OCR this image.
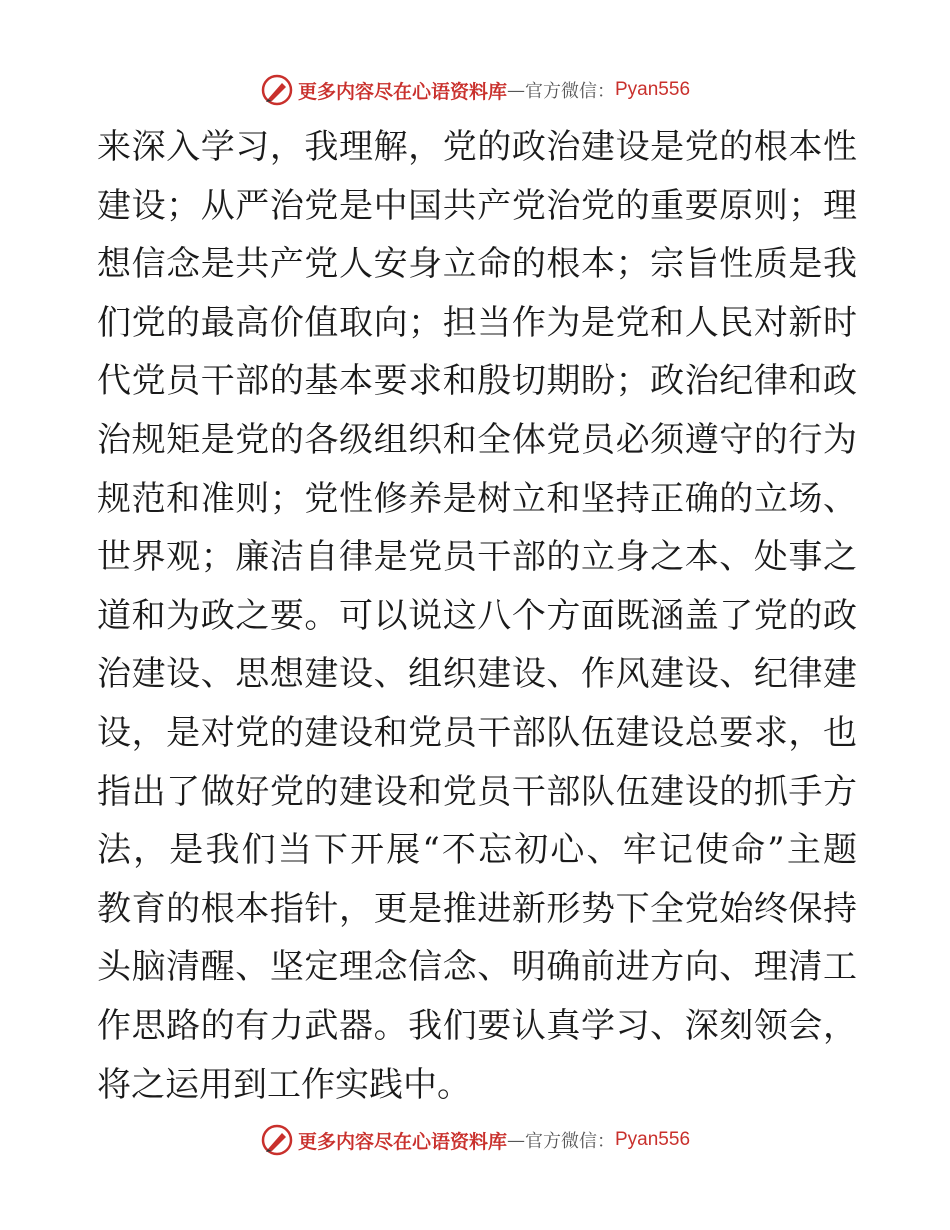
更多内容尽在心语资料库 — 官方微信： Pyan556
来深入学习，我理解，党的政治建设是党的根本性
建设；从严治党是中国共产党治党的重要原则；理
想信念是共产党人安身立命的根本；宗旨性质是我
们党的最高价值取向；担当作为是党和人民对新时
代党员干部的基本要求和殷切期盼；政治纪律和政
治规矩是党的各级组织和全体党员必须遵守的行为
规范和准则；党性修养是树立和坚持正确的立场、
世界观；廉洁自律是党员干部的立身之本、处事之
道和为政之要。可以说这八个方面既涵盖了党的政
治建设、思想建设、组织建设、作风建设、纪律建
设，是对党的建设和党员干部队伍建设总要求，也
指出了做好党的建设和党员干部队伍建设的抓手方
法，是我们当下开展“不忘初心、牢记使命”主题
教育的根本指针，更是推进新形势下全党始终保持
头脑清醒、坚定理念信念、明确前进方向、理清工
作思路的有力武器。我们要认真学习、深刻领会，
将之运用到工作实践中。
更多内容尽在心语资料库 — 官方微信： Pyan556
